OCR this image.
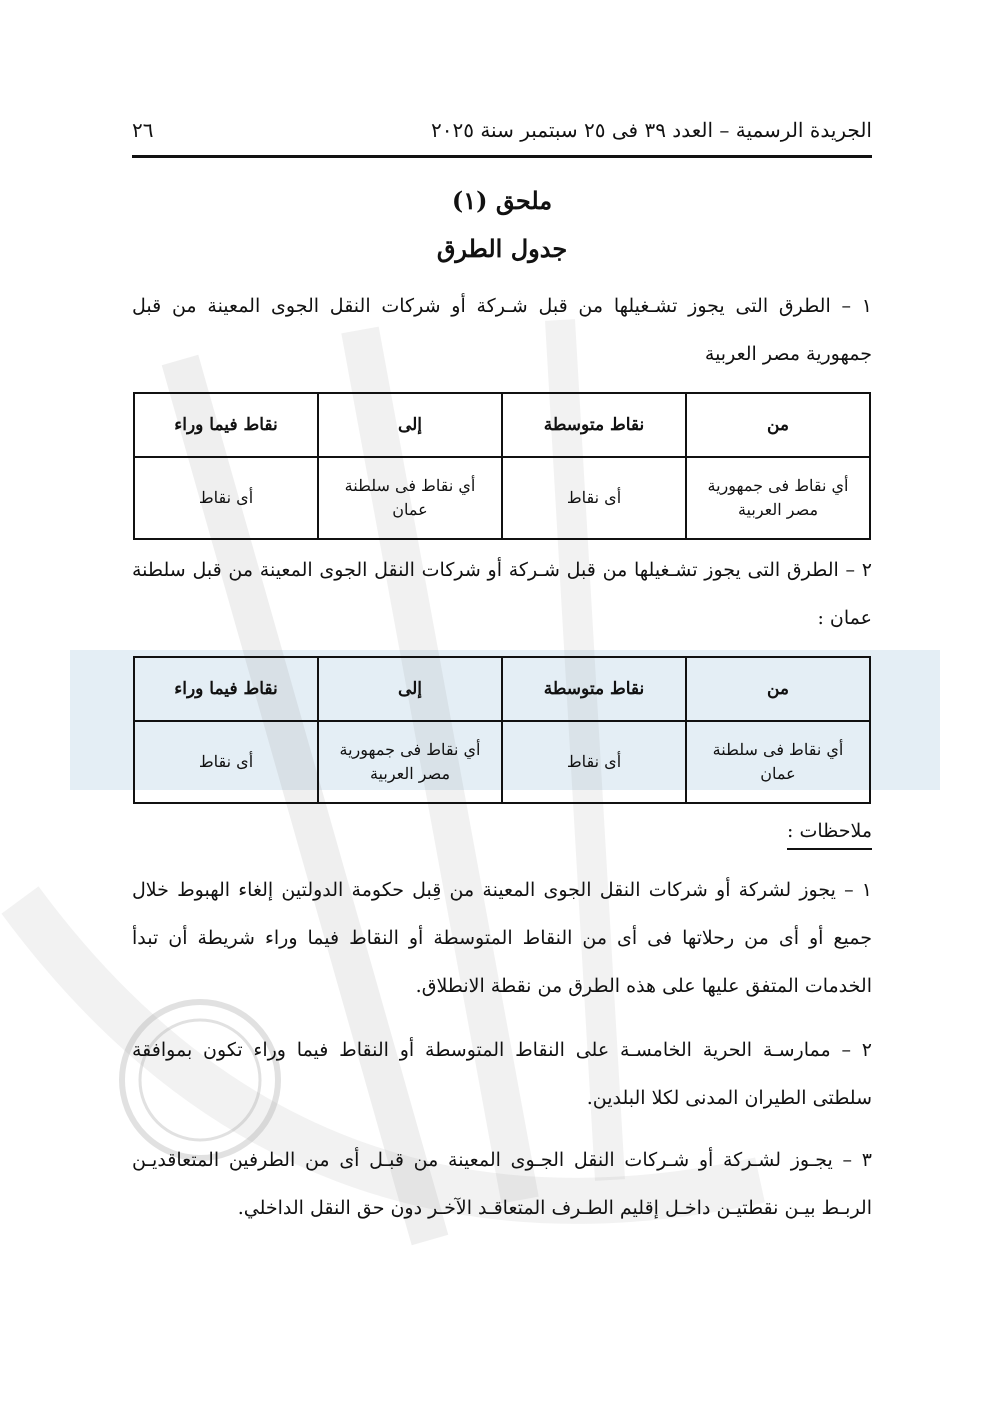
الجريدة الرسمية – العدد ٣٩ فى ٢٥ سبتمبر سنة ٢٠٢٥
٢٦
ملحق (١)
جدول الطرق

١ – الطرق التى يجوز تشـغيلها من قبل شـركة أو شركات النقل الجوى المعينة من قبل جمهورية مصر العربية

من	نقاط متوسطة	إلى	نقاط فيما وراء
أي نقاط فى جمهورية مصر العربية	أى نقاط	أي نقاط فى سلطنة عمان	أى نقاط

٢ – الطرق التى يجوز تشـغيلها من قبل شـركة أو شركات النقل الجوى المعينة من قبل سلطنة عمان :

من	نقاط متوسطة	إلى	نقاط فيما وراء
أي نقاط فى سلطنة عمان	أى نقاط	أي نقاط فى جمهورية مصر العربية	أى نقاط
ملاحظات :

١ – يجوز لشركة أو شركات النقل الجوى المعينة من قِبل حكومة الدولتين إلغاء الهبوط خلال جميع أو أى من رحلاتها فى أى من النقاط المتوسطة أو النقاط فيما وراء شريطة أن تبدأ الخدمات المتفق عليها على هذه الطرق من نقطة الانطلاق.

٢ – ممارسـة الحرية الخامسـة على النقاط المتوسطة أو النقاط فيما وراء تكون بموافقة سلطتى الطيران المدنى لكلا البلدين.

٣ – يجـوز لشـركة أو شـركات النقل الجـوى المعينة من قبـل أى من الطرفين المتعاقديـن الربـط بيـن نقطتيـن داخـل إقليم الطـرف المتعاقـد الآخـر دون حق النقل الداخلي.
